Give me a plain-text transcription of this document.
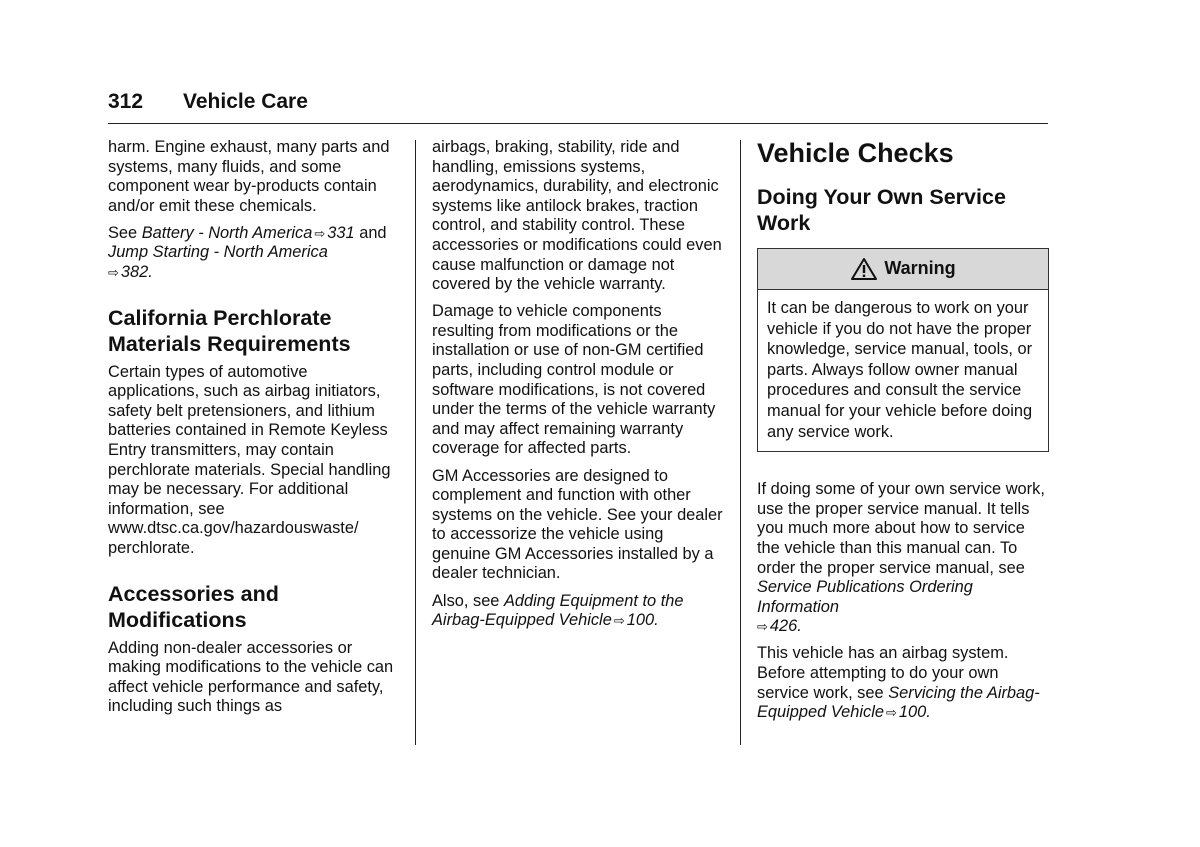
312 Vehicle Care

harm. Engine exhaust, many parts and systems, many fluids, and some component wear by-products contain and/or emit these chemicals.

See Battery - North America ⇨ 331 and Jump Starting - North America
⇨ 382.

California Perchlorate Materials Requirements

Certain types of automotive applications, such as airbag initiators, safety belt pretensioners, and lithium batteries contained in Remote Keyless Entry transmitters, may contain perchlorate materials. Special handling may be necessary. For additional information, see www.dtsc.ca.gov/hazardouswaste/ perchlorate.

Accessories and Modifications

Adding non-dealer accessories or making modifications to the vehicle can affect vehicle performance and safety, including such things as

airbags, braking, stability, ride and handling, emissions systems, aerodynamics, durability, and electronic systems like antilock brakes, traction control, and stability control. These accessories or modifications could even cause malfunction or damage not covered by the vehicle warranty.

Damage to vehicle components resulting from modifications or the installation or use of non-GM certified parts, including control module or software modifications, is not covered under the terms of the vehicle warranty and may affect remaining warranty coverage for affected parts.

GM Accessories are designed to complement and function with other systems on the vehicle. See your dealer to accessorize the vehicle using genuine GM Accessories installed by a dealer technician.

Also, see Adding Equipment to the Airbag-Equipped Vehicle ⇨ 100.

Vehicle Checks
Doing Your Own Service Work
Warning
It can be dangerous to work on your vehicle if you do not have the proper knowledge, service manual, tools, or parts. Always follow owner manual procedures and consult the service manual for your vehicle before doing any service work.

If doing some of your own service work, use the proper service manual. It tells you much more about how to service the vehicle than this manual can. To order the proper service manual, see Service Publications Ordering Information
⇨ 426.

This vehicle has an airbag system. Before attempting to do your own service work, see Servicing the Airbag-Equipped Vehicle ⇨ 100.
